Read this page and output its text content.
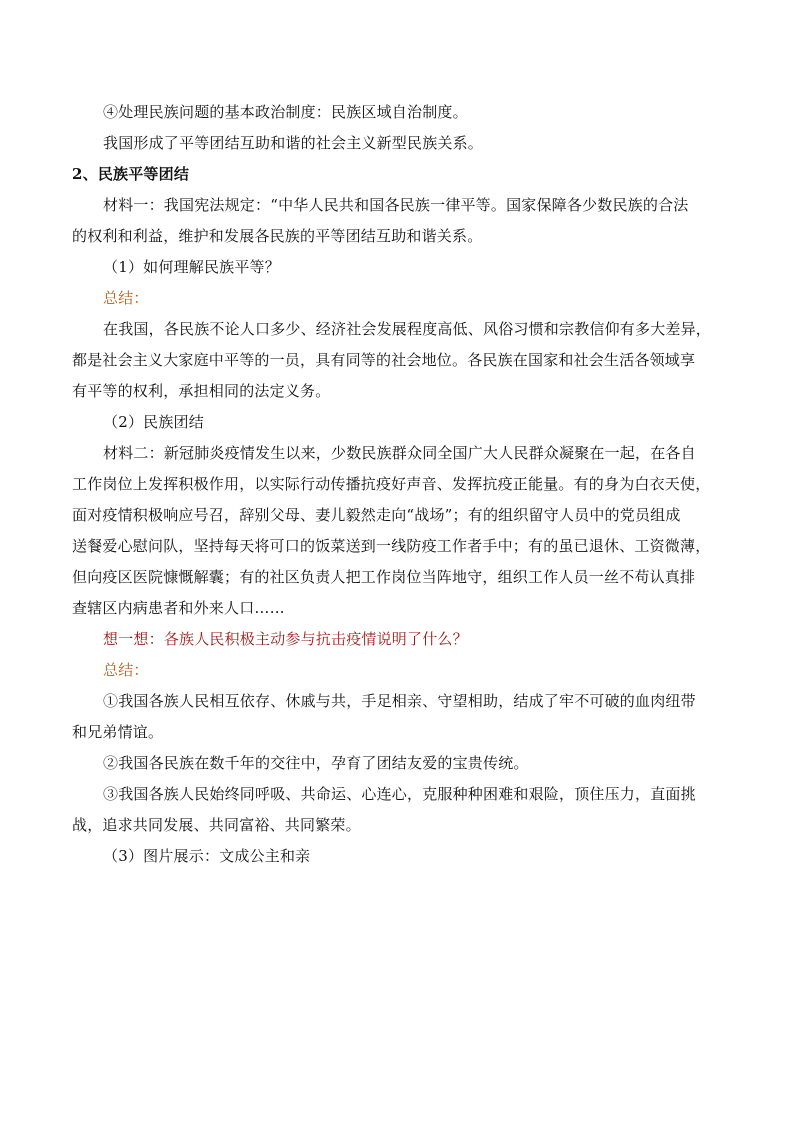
④处理民族问题的基本政治制度：民族区域自治制度。
我国形成了平等团结互助和谐的社会主义新型民族关系。
2、民族平等团结
材料一：我国宪法规定：“中华人民共和国各民族一律平等。国家保障各少数民族的合法
的权利和利益，维护和发展各民族的平等团结互助和谐关系。
（1）如何理解民族平等？
总结：
在我国，各民族不论人口多少、经济社会发展程度高低、风俗习惯和宗教信仰有多大差异，
都是社会主义大家庭中平等的一员，具有同等的社会地位。各民族在国家和社会生活各领域享
有平等的权利，承担相同的法定义务。
（2）民族团结
材料二：新冠肺炎疫情发生以来，少数民族群众同全国广大人民群众凝聚在一起，在各自
工作岗位上发挥积极作用，以实际行动传播抗疫好声音、发挥抗疫正能量。有的身为白衣天使，
面对疫情积极响应号召，辞别父母、妻儿毅然走向“战场”；有的组织留守人员中的党员组成
送餐爱心慰问队，坚持每天将可口的饭菜送到一线防疫工作者手中；有的虽已退休、工资微薄，
但向疫区医院慷慨解囊；有的社区负责人把工作岗位当阵地守，组织工作人员一丝不苟认真排
查辖区内病患者和外来人口……
想一想：各族人民积极主动参与抗击疫情说明了什么？
总结：
①我国各族人民相互依存、休戚与共，手足相亲、守望相助，结成了牢不可破的血肉纽带
和兄弟情谊。
②我国各民族在数千年的交往中，孕育了团结友爱的宝贵传统。
③我国各族人民始终同呼吸、共命运、心连心，克服种种困难和艰险，顶住压力，直面挑
战，追求共同发展、共同富裕、共同繁荣。
（3）图片展示：文成公主和亲
